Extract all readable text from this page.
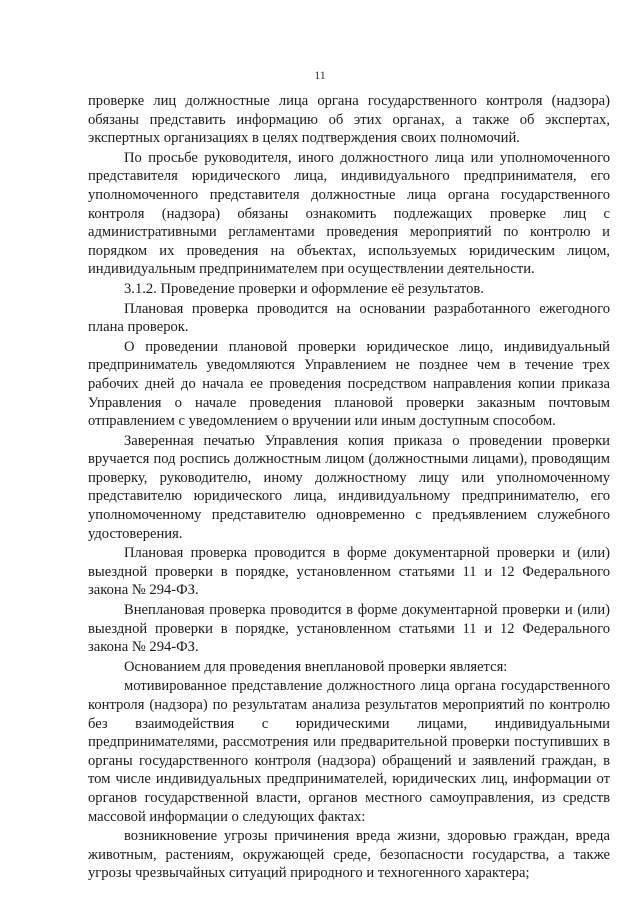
11

проверке лиц должностные лица органа государственного контроля (надзора) обязаны представить информацию об этих органах, а также об экспертах, экспертных организациях в целях подтверждения своих полномочий.

По просьбе руководителя, иного должностного лица или уполномоченного представителя юридического лица, индивидуального предпринимателя, его уполномоченного представителя должностные лица органа государственного контроля (надзора) обязаны ознакомить подлежащих проверке лиц с административными регламентами проведения мероприятий по контролю и порядком их проведения на объектах, используемых юридическим лицом, индивидуальным предпринимателем при осуществлении деятельности.

3.1.2. Проведение проверки и оформление её результатов.

Плановая проверка проводится на основании разработанного ежегодного плана проверок.

О проведении плановой проверки юридическое лицо, индивидуальный предприниматель уведомляются Управлением не позднее чем в течение трех рабочих дней до начала ее проведения посредством направления копии приказа Управления о начале проведения плановой проверки заказным почтовым отправлением с уведомлением о вручении или иным доступным способом.

Заверенная печатью Управления копия приказа о проведении проверки вручается под роспись должностным лицом (должностными лицами), проводящим проверку, руководителю, иному должностному лицу или уполномоченному представителю юридического лица, индивидуальному предпринимателю, его уполномоченному представителю одновременно с предъявлением служебного удостоверения.

Плановая проверка проводится в форме документарной проверки и (или) выездной проверки в порядке, установленном статьями 11 и 12 Федерального закона № 294-ФЗ.

Внеплановая проверка проводится в форме документарной проверки и (или) выездной проверки в порядке, установленном статьями 11 и 12 Федерального закона № 294-ФЗ.

Основанием для проведения внеплановой проверки является:

мотивированное представление должностного лица органа государственного контроля (надзора) по результатам анализа результатов мероприятий по контролю без взаимодействия с юридическими лицами, индивидуальными предпринимателями, рассмотрения или предварительной проверки поступивших в органы государственного контроля (надзора) обращений и заявлений граждан, в том числе индивидуальных предпринимателей, юридических лиц, информации от органов государственной власти, органов местного самоуправления, из средств массовой информации о следующих фактах:

возникновение угрозы причинения вреда жизни, здоровью граждан, вреда животным, растениям, окружающей среде, безопасности государства, а также угрозы чрезвычайных ситуаций природного и техногенного характера;
